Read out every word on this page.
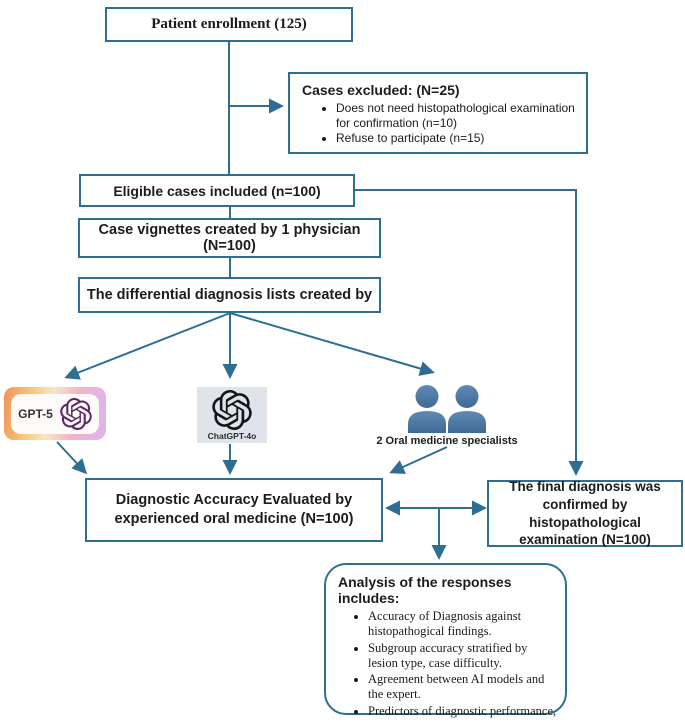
Patient enrollment (125)
Cases excluded: (N=25)
• Does not need histopathological examination for confirmation (n=10)
• Refuse to participate (n=15)
Eligible cases included (n=100)
Case vignettes created by 1 physician (N=100)
The differential diagnosis lists created by
GPT-5
ChatGPT-4o	2 Oral medicine specialists
Diagnostic Accuracy Evaluated by experienced oral medicine (N=100)
The final diagnosis was confirmed by histopathological examination (N=100)
Analysis of the responses includes:
• Accuracy of Diagnosis against histopathogical findings.
• Subgroup accuracy stratified by lesion type, case difficulty.
• Agreement between AI models and the expert.
• Predictors of diagnostic performance,
